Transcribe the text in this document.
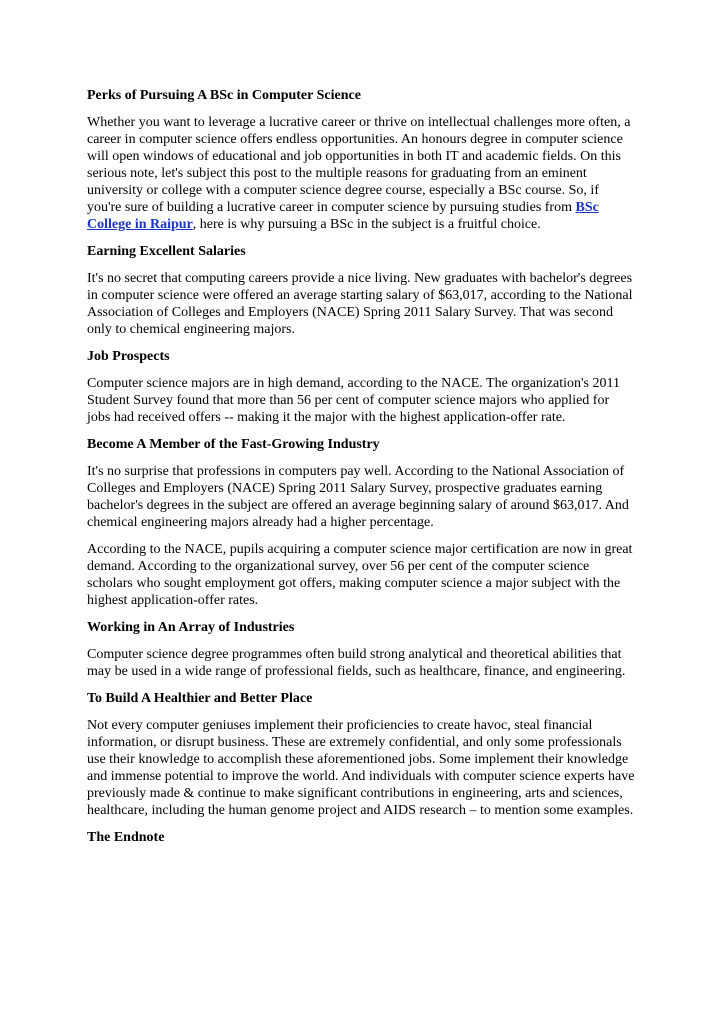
Perks of Pursuing A BSc in Computer Science

Whether you want to leverage a lucrative career or thrive on intellectual challenges more often, a career in computer science offers endless opportunities. An honours degree in computer science will open windows of educational and job opportunities in both IT and academic fields. On this serious note, let's subject this post to the multiple reasons for graduating from an eminent university or college with a computer science degree course, especially a BSc course. So, if you're sure of building a lucrative career in computer science by pursuing studies from BSc College in Raipur, here is why pursuing a BSc in the subject is a fruitful choice.

Earning Excellent Salaries

It's no secret that computing careers provide a nice living. New graduates with bachelor's degrees in computer science were offered an average starting salary of $63,017, according to the National Association of Colleges and Employers (NACE) Spring 2011 Salary Survey. That was second only to chemical engineering majors.

Job Prospects

Computer science majors are in high demand, according to the NACE. The organization's 2011 Student Survey found that more than 56 per cent of computer science majors who applied for jobs had received offers -- making it the major with the highest application-offer rate.

Become A Member of the Fast-Growing Industry

It's no surprise that professions in computers pay well. According to the National Association of Colleges and Employers (NACE) Spring 2011 Salary Survey, prospective graduates earning bachelor's degrees in the subject are offered an average beginning salary of around $63,017. And chemical engineering majors already had a higher percentage.

According to the NACE, pupils acquiring a computer science major certification are now in great demand. According to the organizational survey, over 56 per cent of the computer science scholars who sought employment got offers, making computer science a major subject with the highest application-offer rates.

Working in An Array of Industries

Computer science degree programmes often build strong analytical and theoretical abilities that may be used in a wide range of professional fields, such as healthcare, finance, and engineering.

To Build A Healthier and Better Place

Not every computer geniuses implement their proficiencies to create havoc, steal financial information, or disrupt business. These are extremely confidential, and only some professionals use their knowledge to accomplish these aforementioned jobs. Some implement their knowledge and immense potential to improve the world. And individuals with computer science experts have previously made & continue to make significant contributions in engineering, arts and sciences, healthcare, including the human genome project and AIDS research – to mention some examples.

The Endnote
